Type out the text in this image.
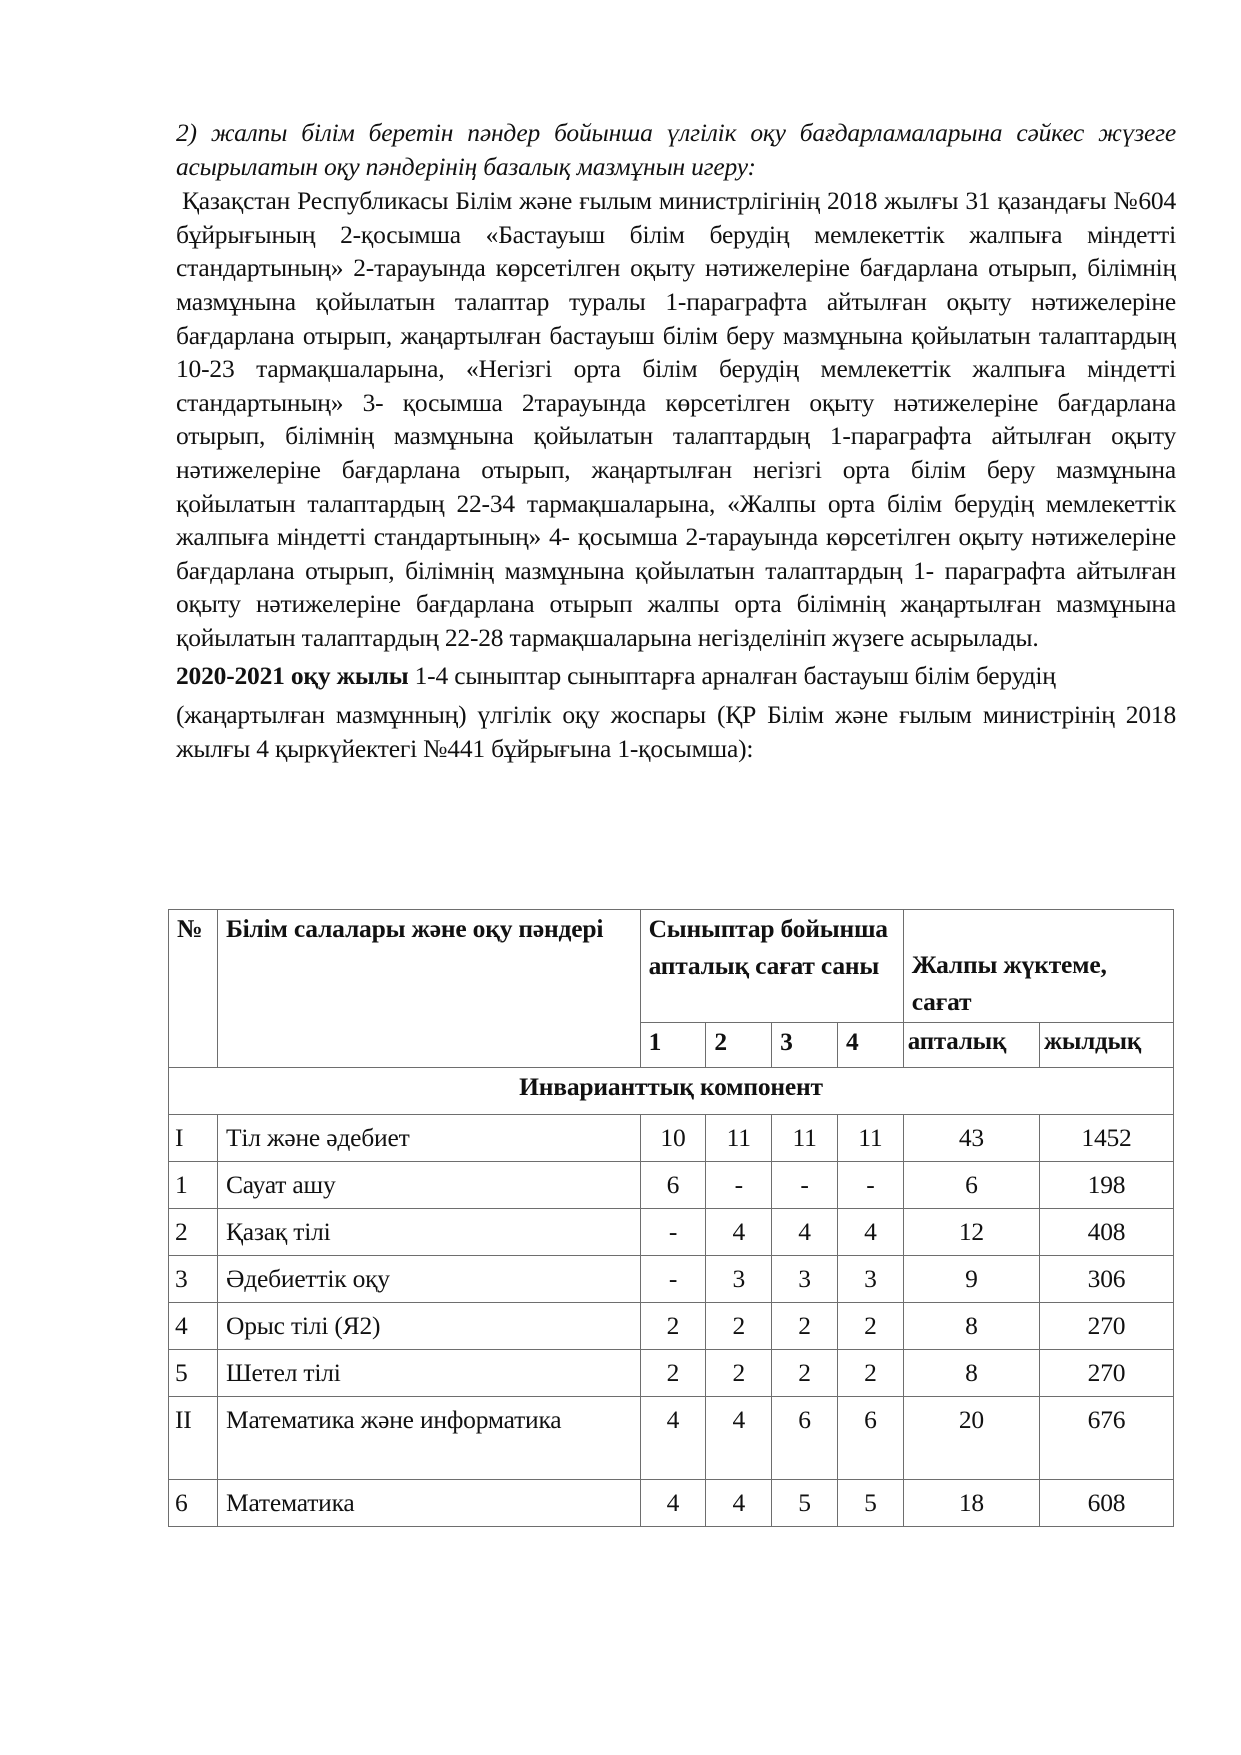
2) жалпы білім беретін пәндер бойынша үлгілік оқу бағдарламаларына сәйкес жүзеге асырылатын оқу пәндерінің базалық мазмұнын игеру:

Қазақстан Республикасы Білім және ғылым министрлігінің 2018 жылғы 31 қазандағы №604 бұйрығының 2-қосымша «Бастауыш білім берудің мемлекеттік жалпыға міндетті стандартының» 2-тарауында көрсетілген оқыту нәтижелеріне бағдарлана отырып, білімнің мазмұнына қойылатын талаптар туралы 1-параграфта айтылған оқыту нәтижелеріне бағдарлана отырып, жаңартылған бастауыш білім беру мазмұнына қойылатын талаптардың 10-23 тармақшаларына, «Негізгі орта білім берудің мемлекеттік жалпыға міндетті стандартының» 3- қосымша 2тарауында көрсетілген оқыту нәтижелеріне бағдарлана отырып, білімнің мазмұнына қойылатын талаптардың 1-параграфта айтылған оқыту нәтижелеріне бағдарлана отырып, жаңартылған негізгі орта білім беру мазмұнына қойылатын талаптардың 22-34 тармақшаларына, «Жалпы орта білім берудің мемлекеттік жалпыға міндетті стандартының» 4- қосымша 2-тарауында көрсетілген оқыту нәтижелеріне бағдарлана отырып, білімнің мазмұнына қойылатын талаптардың 1- параграфта айтылған оқыту нәтижелеріне бағдарлана отырып жалпы орта білімнің жаңартылған мазмұнына қойылатын талаптардың 22-28 тармақшаларына негізделініп жүзеге асырылады.

2020-2021 оқу жылы 1-4 сыныптар сыныптарға арналған бастауыш білім берудің

(жаңартылған мазмұнның) үлгілік оқу жоспары (ҚР Білім және ғылым министрінің 2018 жылғы 4 қыркүйектегі №441 бұйрығына 1-қосымша):

№	Білім салалары және оқу пәндері	Сыныптар бойынша апталық сағат саны				Жалпы жүктеме, сағат	
		1	2	3	4	апталық	жылдық
Инварианттық компонент							
I	Тіл және әдебиет	10	11	11	11	43	1452
1	Сауат ашу	6	-	-	-	6	198
2	Қазақ тілі	-	4	4	4	12	408
3	Әдебиеттік оқу	-	3	3	3	9	306
4	Орыс тілі (Я2)	2	2	2	2	8	270
5	Шетел тілі	2	2	2	2	8	270
II	Математика және информатика	4	4	6	6	20	676
6	Математика	4	4	5	5	18	608
